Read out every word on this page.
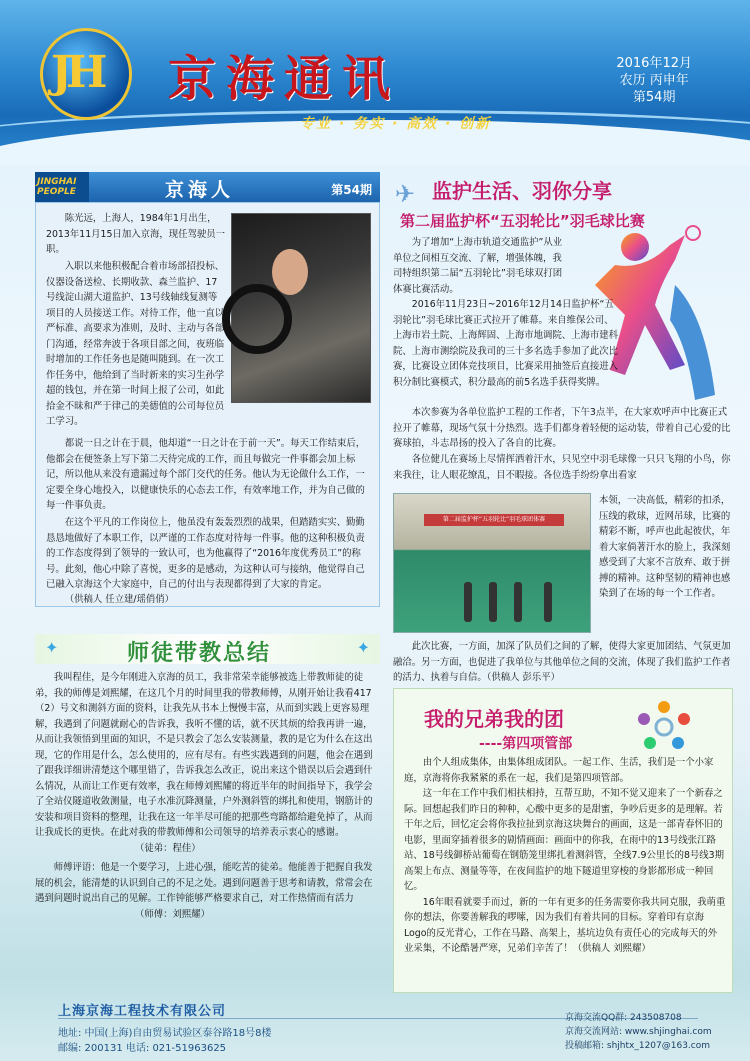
JH 京海通讯
专业 · 务实 · 高效 · 创新
2016年12月
农历 丙申年
第54期
JINGHAI
PEOPLE	京海人	第54期
陈光远，上海人，1984年1月出生，2013年11月15日加入京海，现任驾驶员一职。
入职以来他积极配合着市场部招投标、仪器设备送检、长期收款、森兰监护、17号线淀山湖大道监护、13号线轴线复测等项目的人员接送工作。对待工作，他一直以严标准、高要求为准则，及时、主动与各部门沟通，经常奔波于各项目部之间，夜班临时增加的工作任务也是随叫随到。在一次工作任务中，他给到了当时新来的实习生孙学超的钱包，并在第一时间上报了公司，如此拾金不昧和严于律己的美德值的公司每位员工学习。
都说一日之计在于晨，他却道“一日之计在于前一天”。每天工作结束后，他都会在便签条上写下第二天待完成的工作，而且每做完一件事都会加上标记，所以他从来没有遗漏过每个部门交代的任务。他认为无论做什么工作，一定要全身心地投入，以健康快乐的心态去工作，有效率地工作，并为自己做的每一件事负责。
在这个平凡的工作岗位上，他虽没有轰轰烈烈的战果，但踏踏实实、勤勤恳恳地做好了本职工作，以严谨的工作态度对待每一件事。他的这种积极负责的工作态度得到了领导的一致认可，也为他赢得了“2016年度优秀员工”的称号。此刻，他心中除了喜悦，更多的是感动，为这种认可与接纳，他觉得自己已融入京海这个大家庭中，自己的付出与表现都得到了大家的肯定。
（供稿人 任立建/瑶俏俏）
✦	✦
师徒带教总结
我叫程佳，是今年刚进入京海的员工，我非常荣幸能够被选上带教师徒的徒弟，我的师傅是刘熙耀，在这几个月的时间里我的带教师傅，从刚开始让我看417（2）号文和测斜方面的资料，让我先从书本上慢慢丰富，从而到实践上更容易理解，我遇到了问题就耐心的告诉我，我听不懂的话，就不厌其烦的给我再讲一遍，从而让我领悟到里面的知识，不是只教会了怎么安装测量，教的是它为什么在这出现，它的作用是什么，怎么使用的，应有尽有。有些实践遇到的问题，他会在遇到了跟我详细讲清楚这个哪里错了，告诉我怎么改正，说出来这个错误以后会遇到什么情况，从而让工作更有效率，我在师傅刘熙耀的将近半年的时间指导下，我学会了全站仪隧道收敛测量，电子水准沉降测量，户外测斜管的绑扎和使用，钢筋计的安装和项目资料的整理，让我在这一年半尽可能的把那些弯路都给避免掉了，从而让我成长的更快。在此对我的带教师傅和公司领导的培养表示衷心的感谢。
（徒弟：程佳）
师傅评语：他是一个要学习，上进心强，能吃苦的徒弟。他能善于把握自我发展的机会，能清楚的认识到自己的不足之处。遇到问题善于思考和请教，常常会在遇到问题时说出自己的见解。工作钟能够严格要求自己，对工作热情而有活力
（师傅：刘熙耀）
✈ 监护生活、羽你分享
第二届监护杯“五羽轮比”羽毛球比赛
为了增加“上海市轨道交通监护”从业单位之间相互交流、了解，增强体魄，我司特组织第二届“五羽轮比”羽毛球双打团体赛比赛活动。
2016年11月23日~2016年12月14日监护杯“五羽轮比”羽毛球比赛正式拉开了帷幕。来自维保公司、上海市岩土院、上海辉固、上海市地调院、上海市建科院、上海市测绘院及我司的三十多名选手参加了此次比赛，比赛设立团体竞技项目，比赛采用抽签后直接进入积分制比赛模式，积分最高的前5名选手获得奖牌。
本次参赛为各单位监护工程的工作者，下午3点半，在大家欢呼声中比赛正式拉开了帷幕，现场气氛十分热烈。选手们都身着轻便的运动装，带着自己心爱的比赛球拍，斗志昂扬的投入了各自的比赛。
各位健儿在赛场上尽情挥洒着汗水，只见空中羽毛球像一只只飞翔的小鸟，你来我往，让人眼花缭乱，目不暇接。各位选手纷纷拿出看家
第二届监护杯“五羽轮比”羽毛球团体赛
本领，一决高低，精彩的扣杀，压线的救球，近网吊球，比赛的精彩不断，呼声也此起彼伏，年着大家倘著汗水的脸上，我深刻感受到了大家不言放弃、敢于拼搏的精神。这种坚韧的精神也感染到了在场的每一个工作者。
此次比赛，一方面，加深了队员们之间的了解，使得大家更加团结、气氛更加融洽。另一方面，也促进了我单位与其他单位之间的交流，体现了我们监护工作者的活力、执着与自信。（供稿人 彭乐平）
我的兄弟我的团
----第四项管部
由个人组成集体，由集体组成团队。一起工作、生活，我们是一个小家庭，京海将你我紧紧的系在一起，我们是第四项管部。
这一年在工作中我们相扶相持，互帮互助，不知不觉又迎来了一个新春之际。回想起我们昨日的种种，心酸中更多的是甜蜜，争吵后更多的是理解。若干年之后，回忆定会将你我拉扯到京海这块舞台的画面，这是一部青春怀旧的电影，里面穿插着很多的剧情画面：画面中的你我，在雨中的13号线张江路站、18号线御桥站葡萄在钢筋笼里绑扎着测斜管，全线7.9公里长的8号线3期高架上布点、测量等等，在夜间监护的地下隧道里穿梭的身影都形成一种回忆。
16年眼看就要手而过，新的一年有更多的任务需要你我共同克服，我萌重你的想法，你要善解我的啰嗦，因为我们有着共同的目标。穿着印有京海Logo的反光背心，工作在马路、高架上，基坑边负有责任心的完成每天的外业采集，不论酷暑严寒，兄弟们辛苦了！（供稿人 刘熙耀）
上海京海工程技术有限公司
地址: 中国(上海)自由贸易试验区泰谷路18号8楼
邮编: 200131 电话: 021-51963625
京海交流QQ群: 243508708
京海交流网站: www.shjinghai.com
投稿邮箱: shjhtx_1207@163.com
